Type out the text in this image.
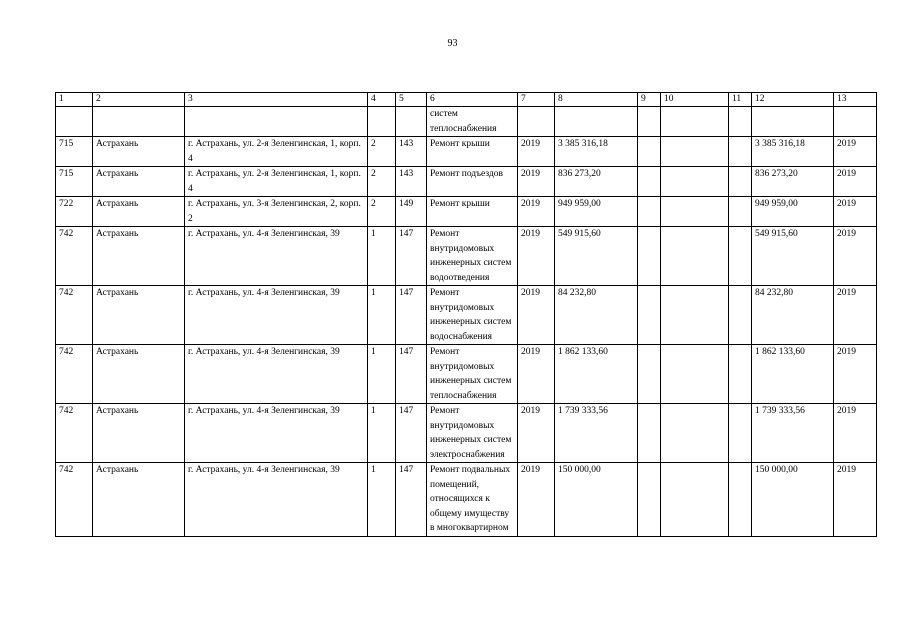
93
1	2	3	4	5	6	7	8	9	10	11	12	13
					систем теплоснабжения							
715	Астрахань	г. Астрахань, ул. 2-я Зеленгинская, 1, корп. 4	2	143	Ремонт крыши	2019	3 385 316,18				3 385 316,18	2019
715	Астрахань	г. Астрахань, ул. 2-я Зеленгинская, 1, корп. 4	2	143	Ремонт подъездов	2019	836 273,20				836 273,20	2019
722	Астрахань	г. Астрахань, ул. 3-я Зеленгинская, 2, корп. 2	2	149	Ремонт крыши	2019	949 959,00				949 959,00	2019
742	Астрахань	г. Астрахань, ул. 4-я Зеленгинская, 39	1	147	Ремонт внутридомовых инженерных систем водоотведения	2019	549 915,60				549 915,60	2019
742	Астрахань	г. Астрахань, ул. 4-я Зеленгинская, 39	1	147	Ремонт внутридомовых инженерных систем водоснабжения	2019	84 232,80				84 232,80	2019
742	Астрахань	г. Астрахань, ул. 4-я Зеленгинская, 39	1	147	Ремонт внутридомовых инженерных систем теплоснабжения	2019	1 862 133,60				1 862 133,60	2019
742	Астрахань	г. Астрахань, ул. 4-я Зеленгинская, 39	1	147	Ремонт внутридомовых инженерных систем электроснабжения	2019	1 739 333,56				1 739 333,56	2019
742	Астрахань	г. Астрахань, ул. 4-я Зеленгинская, 39	1	147	Ремонт подвальных помещений, относящихся к общему имуществу в многоквартирном	2019	150 000,00				150 000,00	2019
